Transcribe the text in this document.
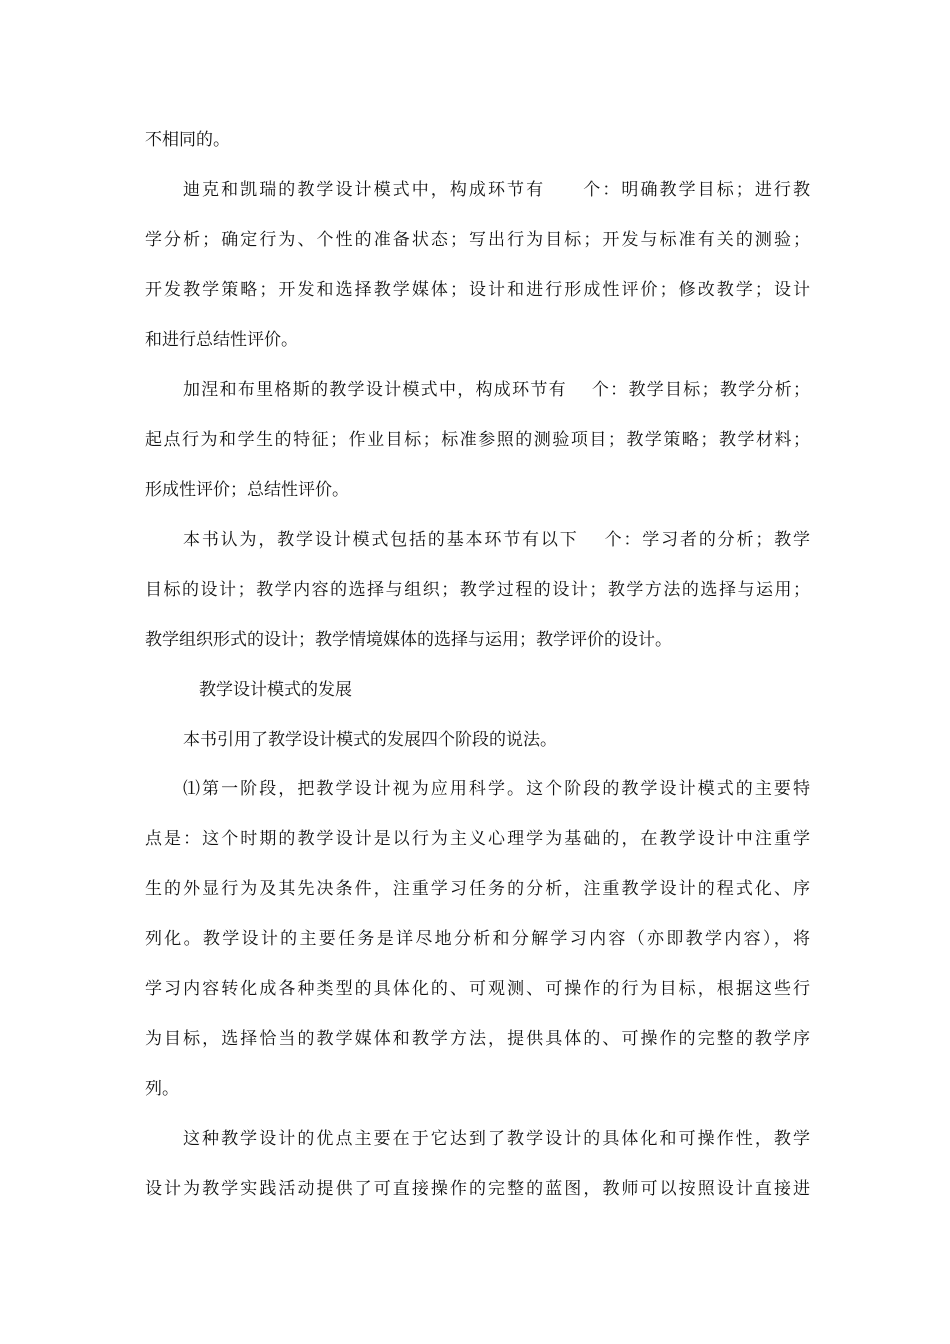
不相同的。
迪克和凯瑞的教学设计模式中，构成环节有　　个：明确教学目标；进行教
学分析；确定行为、个性的准备状态；写出行为目标；开发与标准有关的测验；
开发教学策略；开发和选择教学媒体；设计和进行形成性评价；修改教学；设计
和进行总结性评价。
加涅和布里格斯的教学设计模式中，构成环节有　 个：教学目标；教学分析；
起点行为和学生的特征；作业目标；标准参照的测验项目；教学策略；教学材料；
形成性评价；总结性评价。
本书认为，教学设计模式包括的基本环节有以下　 个：学习者的分析；教学
目标的设计；教学内容的选择与组织；教学过程的设计；教学方法的选择与运用；
教学组织形式的设计；教学情境媒体的选择与运用；教学评价的设计。
教学设计模式的发展
本书引用了教学设计模式的发展四个阶段的说法。
⑴第一阶段，把教学设计视为应用科学。这个阶段的教学设计模式的主要特
点是：这个时期的教学设计是以行为主义心理学为基础的，在教学设计中注重学
生的外显行为及其先决条件，注重学习任务的分析，注重教学设计的程式化、序
列化。教学设计的主要任务是详尽地分析和分解学习内容（亦即教学内容），将
学习内容转化成各种类型的具体化的、可观测、可操作的行为目标，根据这些行
为目标，选择恰当的教学媒体和教学方法，提供具体的、可操作的完整的教学序
列。
这种教学设计的优点主要在于它达到了教学设计的具体化和可操作性，教学
设计为教学实践活动提供了可直接操作的完整的蓝图，教师可以按照设计直接进
